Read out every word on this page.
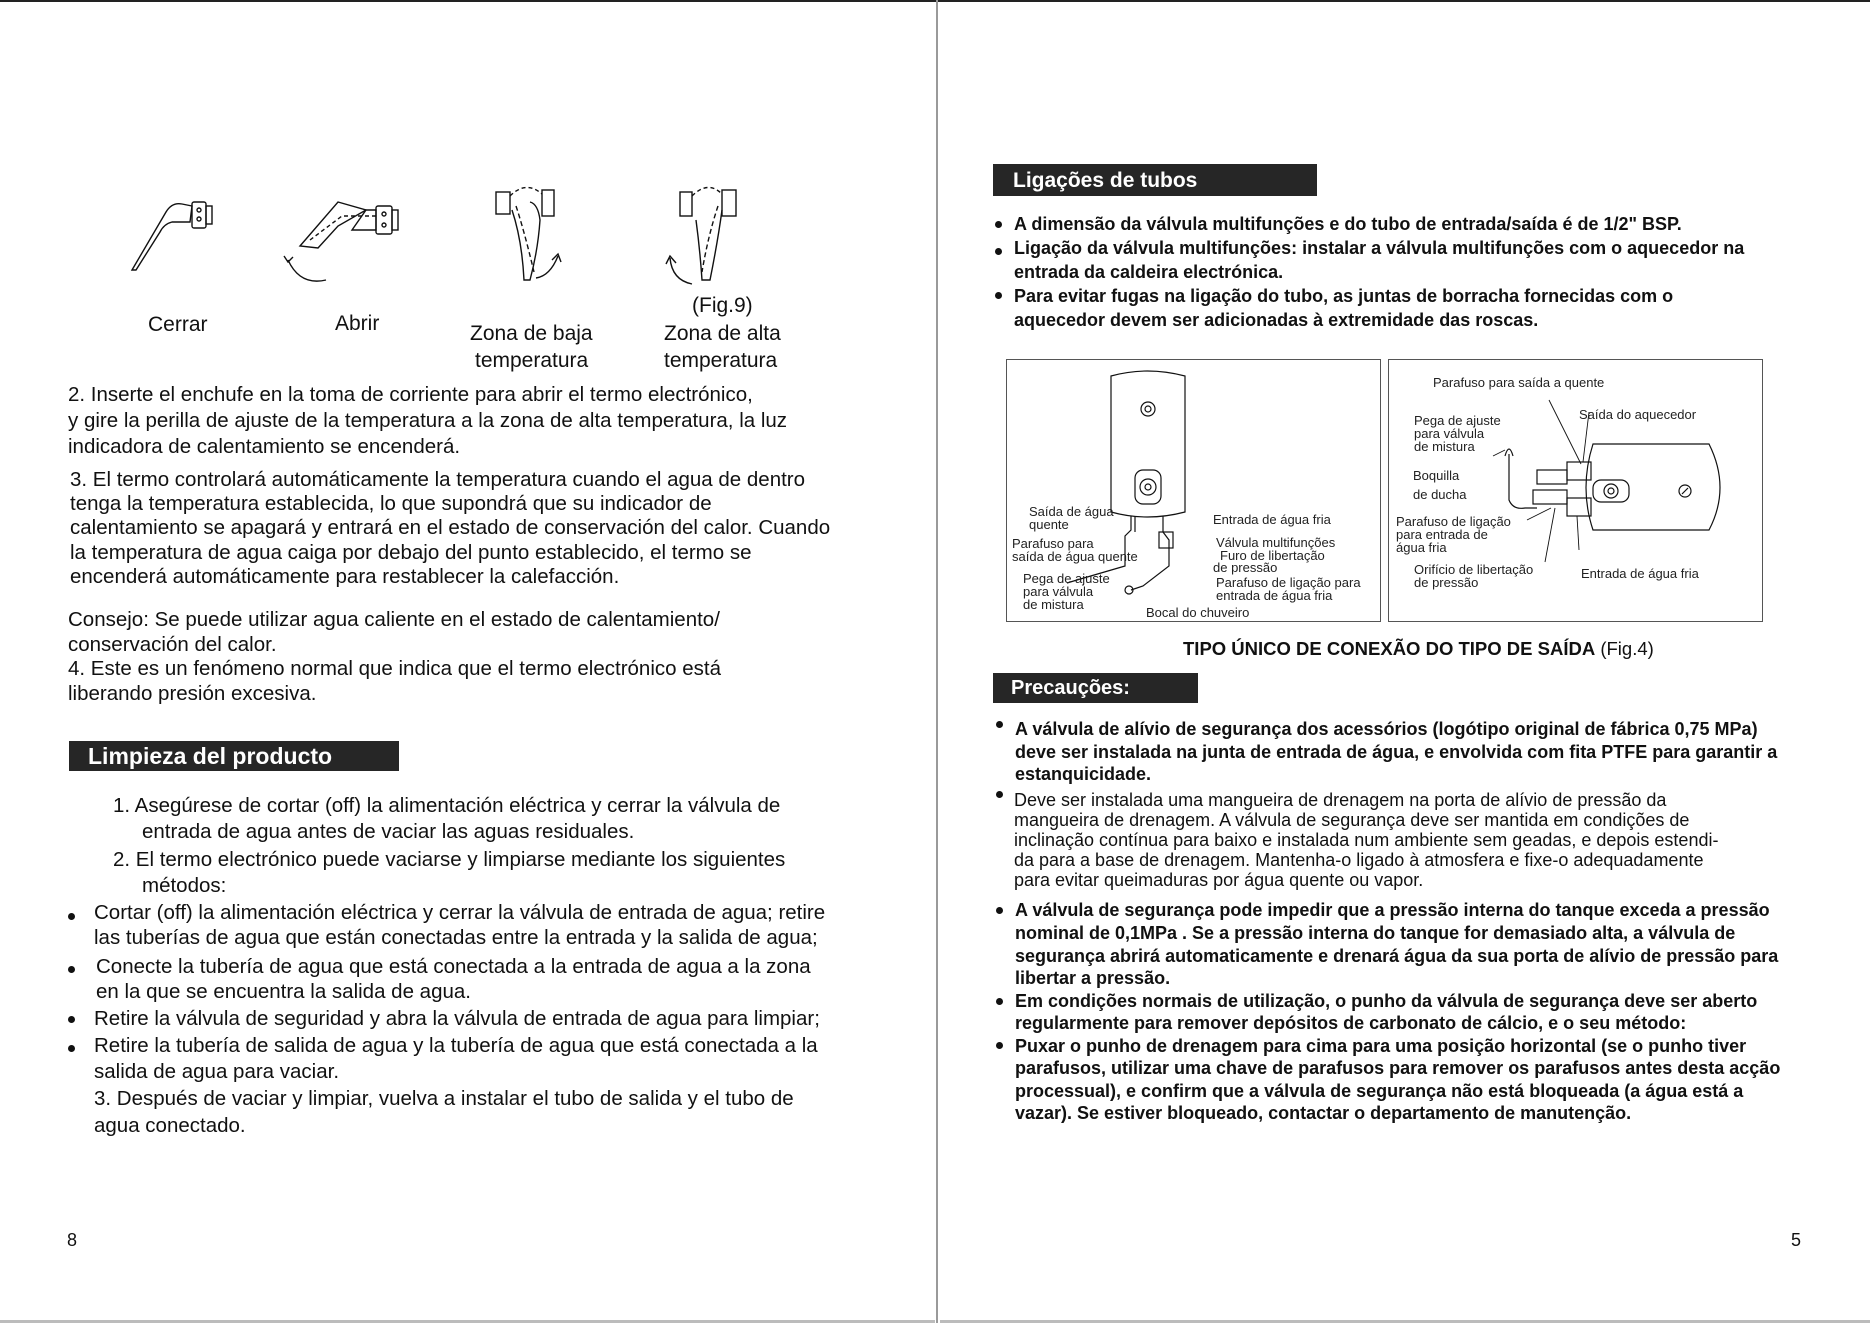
Cerrar	Abrir	Zona de baja
temperatura
(Fig.9)
Zona de alta
temperatura
2. Inserte el enchufe en la toma de corriente para abrir el termo electrónico,
y gire la perilla de ajuste de la temperatura a la zona de alta temperatura, la luz
indicadora de calentamiento se encenderá.
3. El termo controlará automáticamente la temperatura cuando el agua de dentro
tenga la temperatura establecida, lo que supondrá que su indicador de
calentamiento se apagará y entrará en el estado de conservación del calor. Cuando
la temperatura de agua caiga por debajo del punto establecido, el termo se
encenderá automáticamente para restablecer la calefacción.
Consejo: Se puede utilizar agua caliente en el estado de calentamiento/
conservación del calor.
4. Este es un fenómeno normal que indica que el termo electrónico está
liberando presión excesiva.
Limpieza del producto
1. Asegúrese de cortar (off) la alimentación eléctrica y cerrar la válvula de
entrada de agua antes de vaciar las aguas residuales.
2. El termo electrónico puede vaciarse y limpiarse mediante los siguientes
métodos:
Cortar (off) la alimentación eléctrica y cerrar la válvula de entrada de agua; retire
las tuberías de agua que están conectadas entre la entrada y la salida de agua;
Conecte la tubería de agua que está conectada a la entrada de agua a la zona
en la que se encuentra la salida de agua.
Retire la válvula de seguridad y abra la válvula de entrada de agua para limpiar;
Retire la tubería de salida de agua y la tubería de agua que está conectada a la
salida de agua para vaciar.
3. Después de vaciar y limpiar, vuelva a instalar el tubo de salida y el tubo de
agua conectado.
8
Ligações de tubos
A dimensão da válvula multifunções e do tubo de entrada/saída é de 1/2" BSP.
Ligação da válvula multifunções: instalar a válvula multifunções com o aquecedor na
entrada da caldeira electrónica.
Para evitar fugas na ligação do tubo, as juntas de borracha fornecidas com o
aquecedor devem ser adicionadas à extremidade das roscas.
Saída de água
quente
Parafuso para
saída de água quente
Pega de ajuste
para válvula
de mistura
Entrada de água fria
Válvula multifunções
Furo de libertação
de pressão
Parafuso de ligação para
entrada de água fria
Bocal do chuveiro
Parafuso para saída a quente
Pega de ajuste
para válvula
de mistura
Saída do aquecedor
Boquilla
de ducha
Parafuso de ligação
para entrada de
água fria
Orifício de libertação
de pressão
Entrada de água fria
TIPO ÚNICO DE CONEXÃO DO TIPO DE SAÍDA (Fig.4)
Precauções:
A válvula de alívio de segurança dos acessórios (logótipo original de fábrica 0,75 MPa)
deve ser instalada na junta de entrada de água, e envolvida com fita PTFE para garantir a
estanquicidade.
Deve ser instalada uma mangueira de drenagem na porta de alívio de pressão da
mangueira de drenagem. A válvula de segurança deve ser mantida em condições de
inclinação contínua para baixo e instalada num ambiente sem geadas, e depois estendi-
da para a base de drenagem. Mantenha-o ligado à atmosfera e fixe-o adequadamente
para evitar queimaduras por água quente ou vapor.
A válvula de segurança pode impedir que a pressão interna do tanque exceda a pressão
nominal de 0,1MPa . Se a pressão interna do tanque for demasiado alta, a válvula de
segurança abrirá automaticamente e drenará água da sua porta de alívio de pressão para
libertar a pressão.
Em condições normais de utilização, o punho da válvula de segurança deve ser aberto
regularmente para remover depósitos de carbonato de cálcio, e o seu método:
Puxar o punho de drenagem para cima para uma posição horizontal (se o punho tiver
parafusos, utilizar uma chave de parafusos para remover os parafusos antes desta acção
processual), e confirm que a válvula de segurança não está bloqueada (a água está a
vazar). Se estiver bloqueado, contactar o departamento de manutenção.
5
